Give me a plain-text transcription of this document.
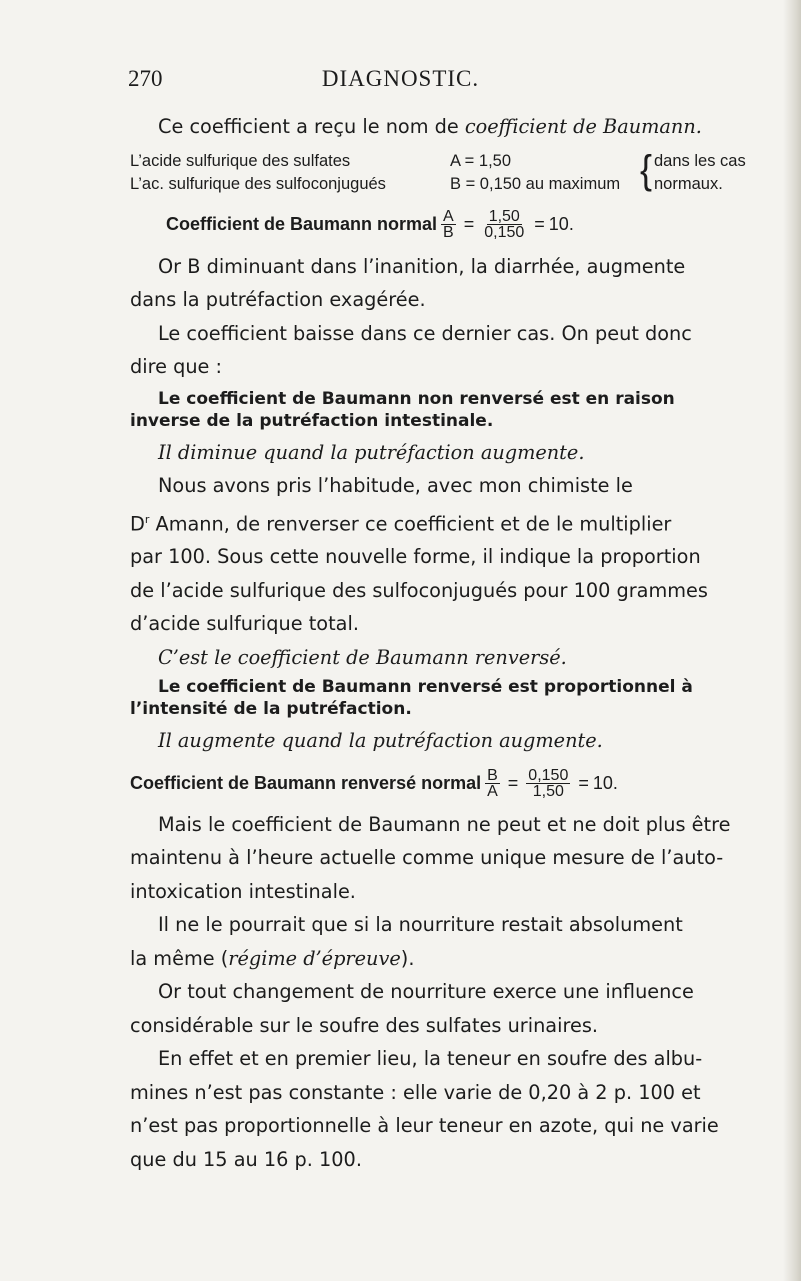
270	DIAGNOSTIC.
Ce coefficient a reçu le nom de coefficient de Baumann.
L’acide sulfurique des sulfates	A = 1,50
L’ac. sulfurique des sulfoconjugués	B = 0,150 au maximum { dans les cas
normaux.
Coefficient de Baumann normal $\frac{A}{B} = \frac{1,50}{0,150} = 10$.
Or B diminuant dans l’inanition, la diarrhée, augmente
dans la putréfaction exagérée.
Le coefficient baisse dans ce dernier cas. On peut donc
dire que :
Le coefficient de Baumann non renversé est en raison
inverse de la putréfaction intestinale.
Il diminue quand la putréfaction augmente.
Nous avons pris l’habitude, avec mon chimiste le
$D^r$ Amann, de renverser ce coefficient et de le multiplier
par 100. Sous cette nouvelle forme, il indique la proportion
de l’acide sulfurique des sulfoconjugués pour 100 grammes
d’acide sulfurique total.
C’est le coefficient de Baumann renversé.
Le coefficient de Baumann renversé est proportionnel à
l’intensité de la putréfaction.
Il augmente quand la putréfaction augmente.
Coefficient de Baumann renversé normal $\frac{B}{A} = \frac{0,150}{1,50} = 10$.
Mais le coefficient de Baumann ne peut et ne doit plus être
maintenu à l’heure actuelle comme unique mesure de l’auto-
intoxication intestinale.
Il ne le pourrait que si la nourriture restait absolument
la même (régime d’épreuve).
Or tout changement de nourriture exerce une influence
considérable sur le soufre des sulfates urinaires.
En effet et en premier lieu, la teneur en soufre des albu-
mines n’est pas constante : elle varie de 0,20 à 2 p. 100 et
n’est pas proportionnelle à leur teneur en azote, qui ne varie
que du 15 au 16 p. 100.
